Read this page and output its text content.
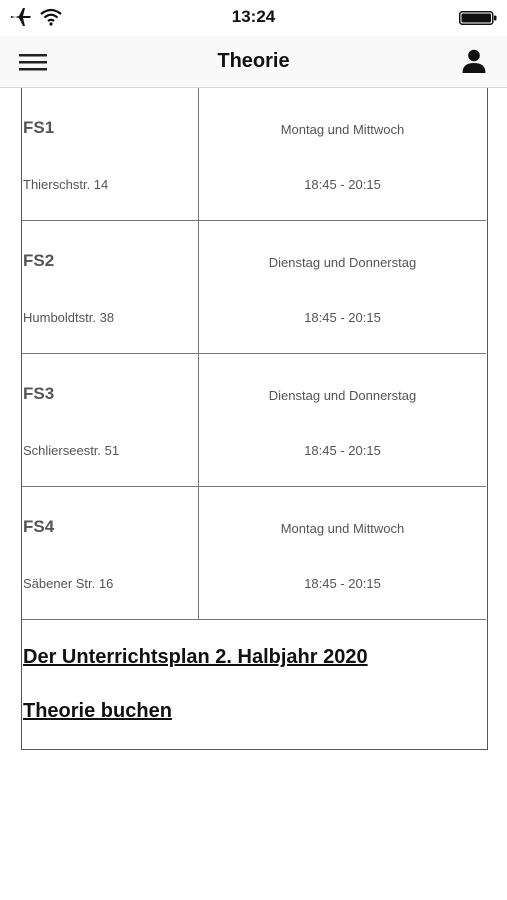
13:24
Theorie
FS1
Thierschstr. 14
Montag und Mittwoch
18:45 - 20:15
FS2
Humboldtstr. 38
Dienstag und Donnerstag
18:45 - 20:15
FS3
Schlierseestr. 51
Dienstag und Donnerstag
18:45 - 20:15
FS4
Säbener Str. 16
Montag und Mittwoch
18:45 - 20:15
Der Unterrichtsplan 2. Halbjahr 2020
Theorie buchen
